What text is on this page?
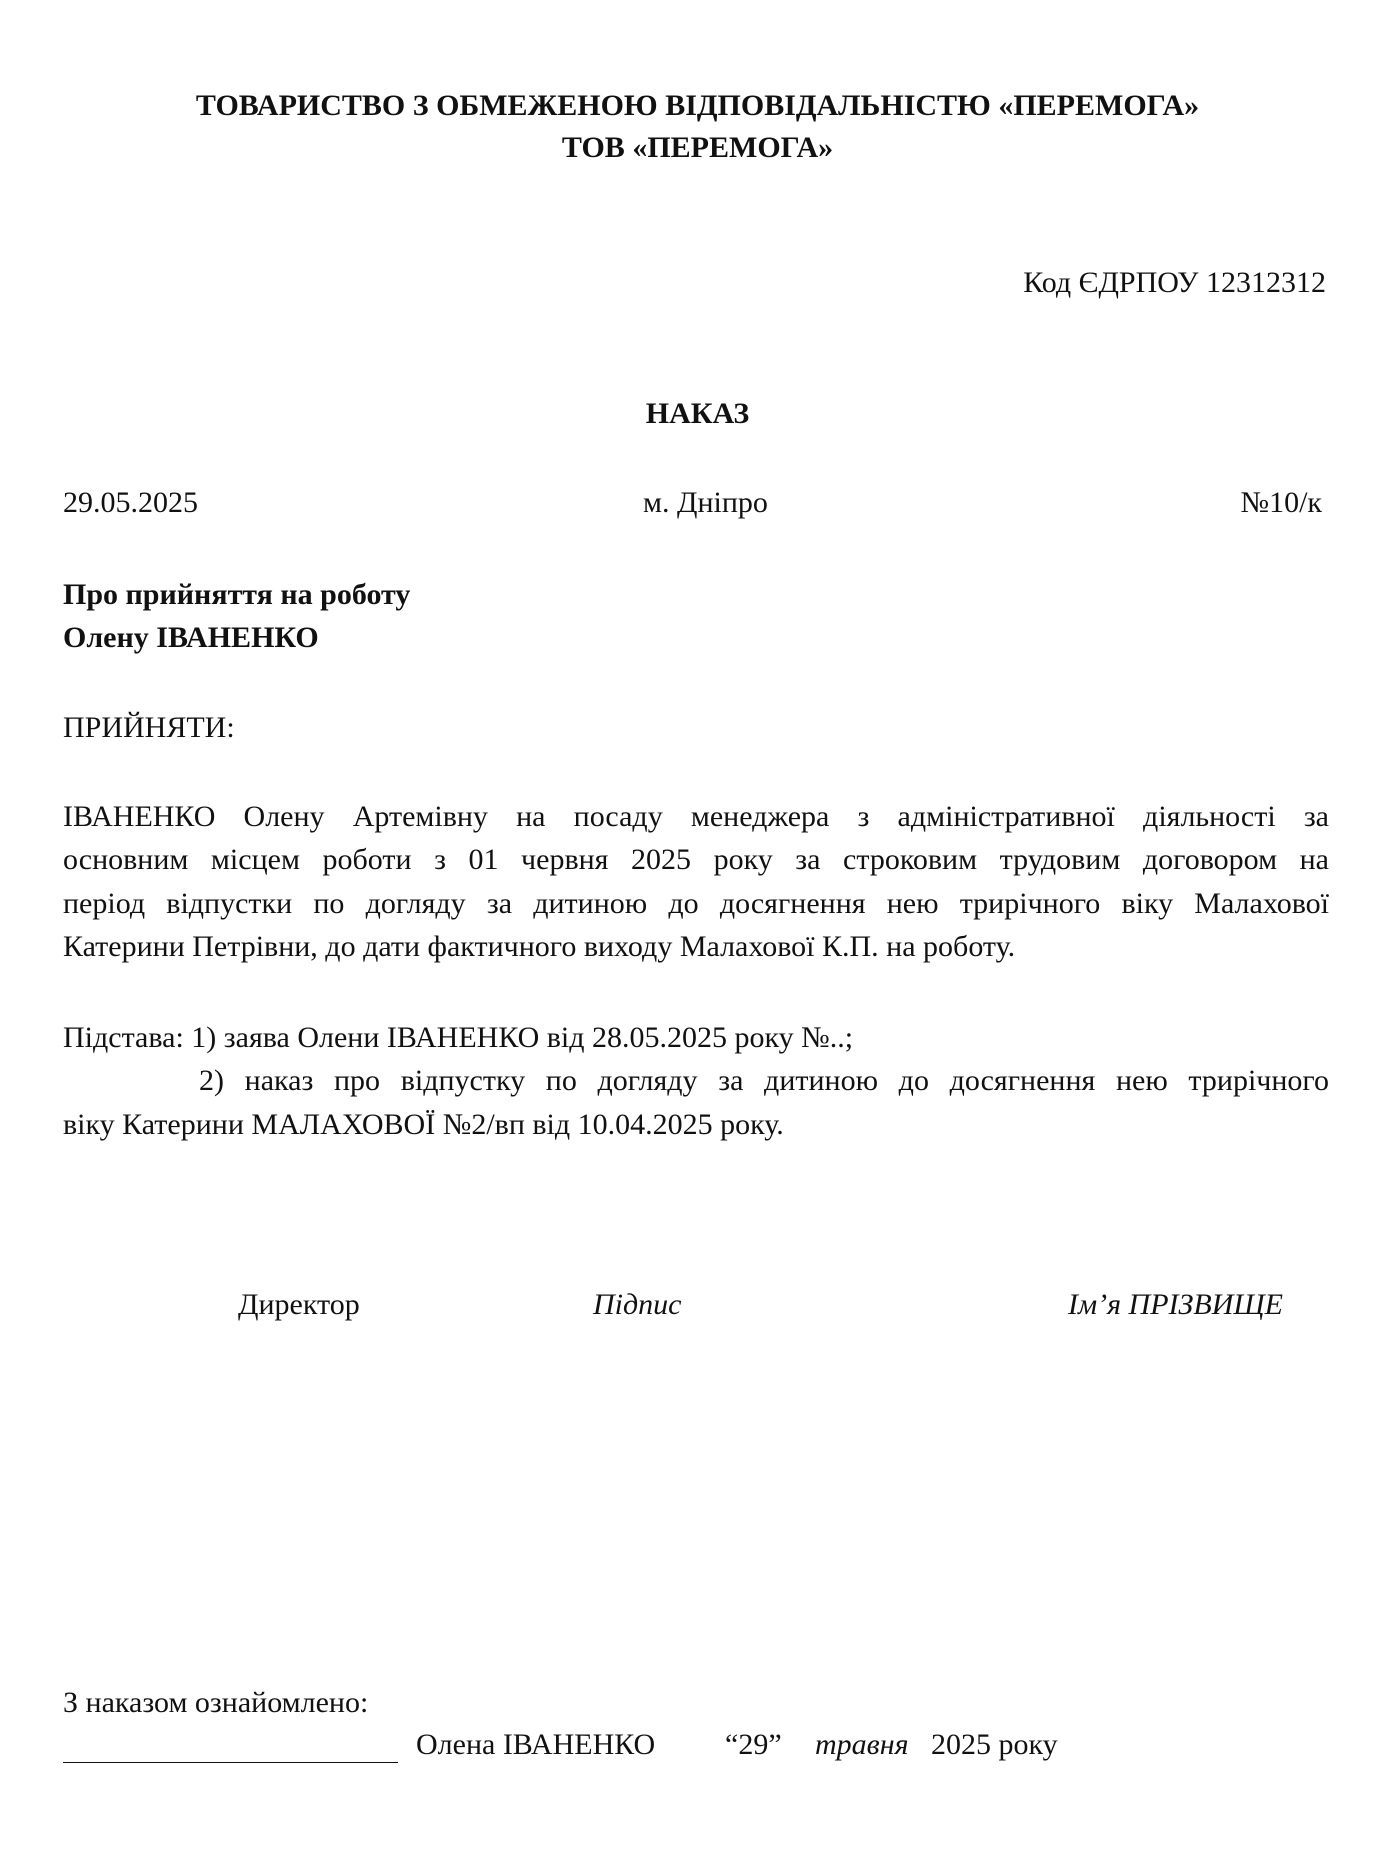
ТОВАРИСТВО З ОБМЕЖЕНОЮ ВІДПОВІДАЛЬНІСТЮ «ПЕРЕМОГА»
ТОВ «ПЕРЕМОГА»
Код ЄДРПОУ 12312312
НАКАЗ
29.05.2025	м. Дніпро	№10/к
Про прийняття на роботу
Олену ІВАНЕНКО
ПРИЙНЯТИ:
ІВАНЕНКО Олену Артемівну на посаду менеджера з адміністративної діяльності за
основним місцем роботи з 01 червня 2025 року за строковим трудовим договором на
період відпустки по догляду за дитиною до досягнення нею трирічного віку Малахової
Катерини Петрівни, до дати фактичного виходу Малахової К.П. на роботу.
Підстава: 1) заява Олени ІВАНЕНКО від 28.05.2025 року №..;
2) наказ про відпустку по догляду за дитиною до досягнення нею трирічного
віку Катерини МАЛАХОВОЇ №2/вп від 10.04.2025 року.
Директор	Підпис	Ім’я ПРІЗВИЩЕ
З наказом ознайомлено:
Олена ІВАНЕНКО “29” травня 2025 року
